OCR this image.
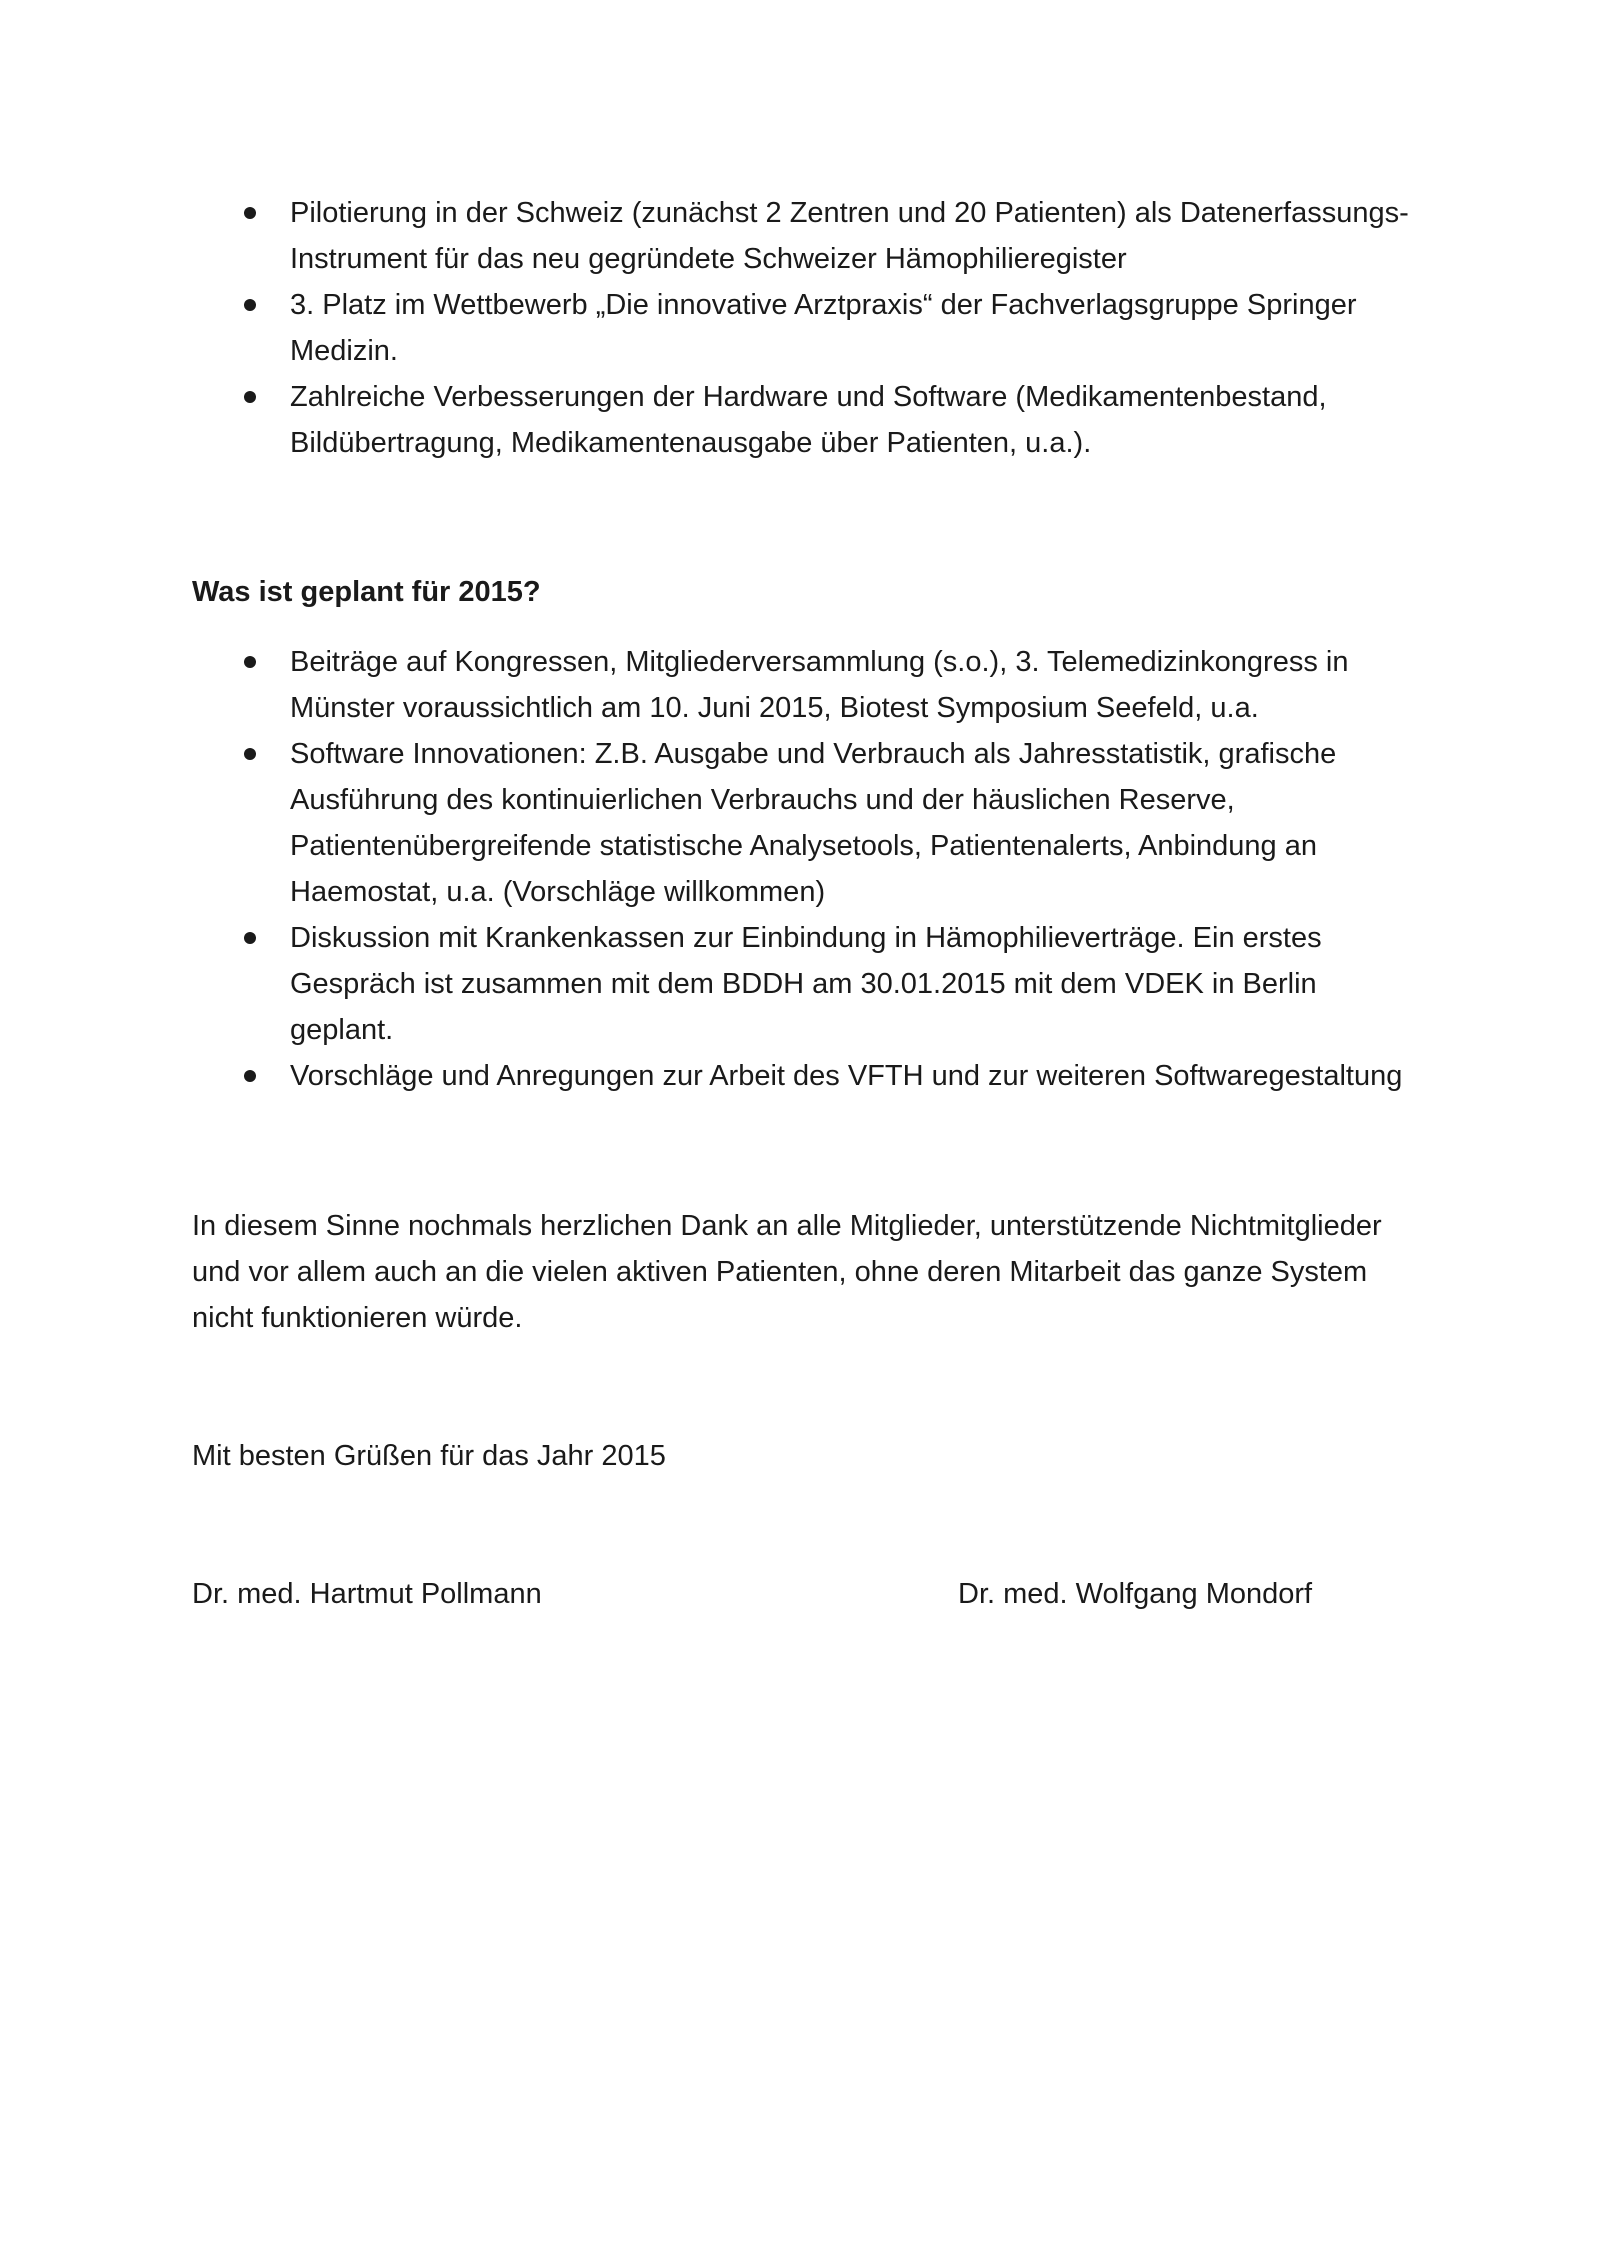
Pilotierung in der Schweiz (zunächst 2 Zentren und 20 Patienten) als Datenerfassungs- Instrument für das neu gegründete Schweizer Hämophilieregister
3. Platz im Wettbewerb „Die innovative Arztpraxis“ der Fachverlagsgruppe Springer Medizin.
Zahlreiche Verbesserungen der Hardware und Software (Medikamentenbestand, Bildübertragung, Medikamentenausgabe über Patienten, u.a.).

Was ist geplant für 2015?

Beiträge auf Kongressen, Mitgliederversammlung (s.o.), 3. Telemedizinkongress in Münster voraussichtlich am 10. Juni 2015, Biotest Symposium Seefeld, u.a.
Software Innovationen: Z.B. Ausgabe und Verbrauch als Jahresstatistik, grafische Ausführung des kontinuierlichen Verbrauchs und der häuslichen Reserve, Patientenübergreifende statistische Analysetools, Patientenalerts, Anbindung an Haemostat, u.a. (Vorschläge willkommen)
Diskussion mit Krankenkassen zur Einbindung in Hämophilieverträge. Ein erstes Gespräch ist zusammen mit dem BDDH am 30.01.2015 mit dem VDEK in Berlin geplant.
Vorschläge und Anregungen zur Arbeit des VFTH und zur weiteren Softwaregestaltung

In diesem Sinne nochmals herzlichen Dank an alle Mitglieder, unterstützende Nichtmitglieder und vor allem auch an die vielen aktiven Patienten, ohne deren Mitarbeit das ganze System nicht funktionieren würde.

Mit besten Grüßen für das Jahr 2015

Dr. med. Hartmut Pollmann	Dr. med. Wolfgang Mondorf
